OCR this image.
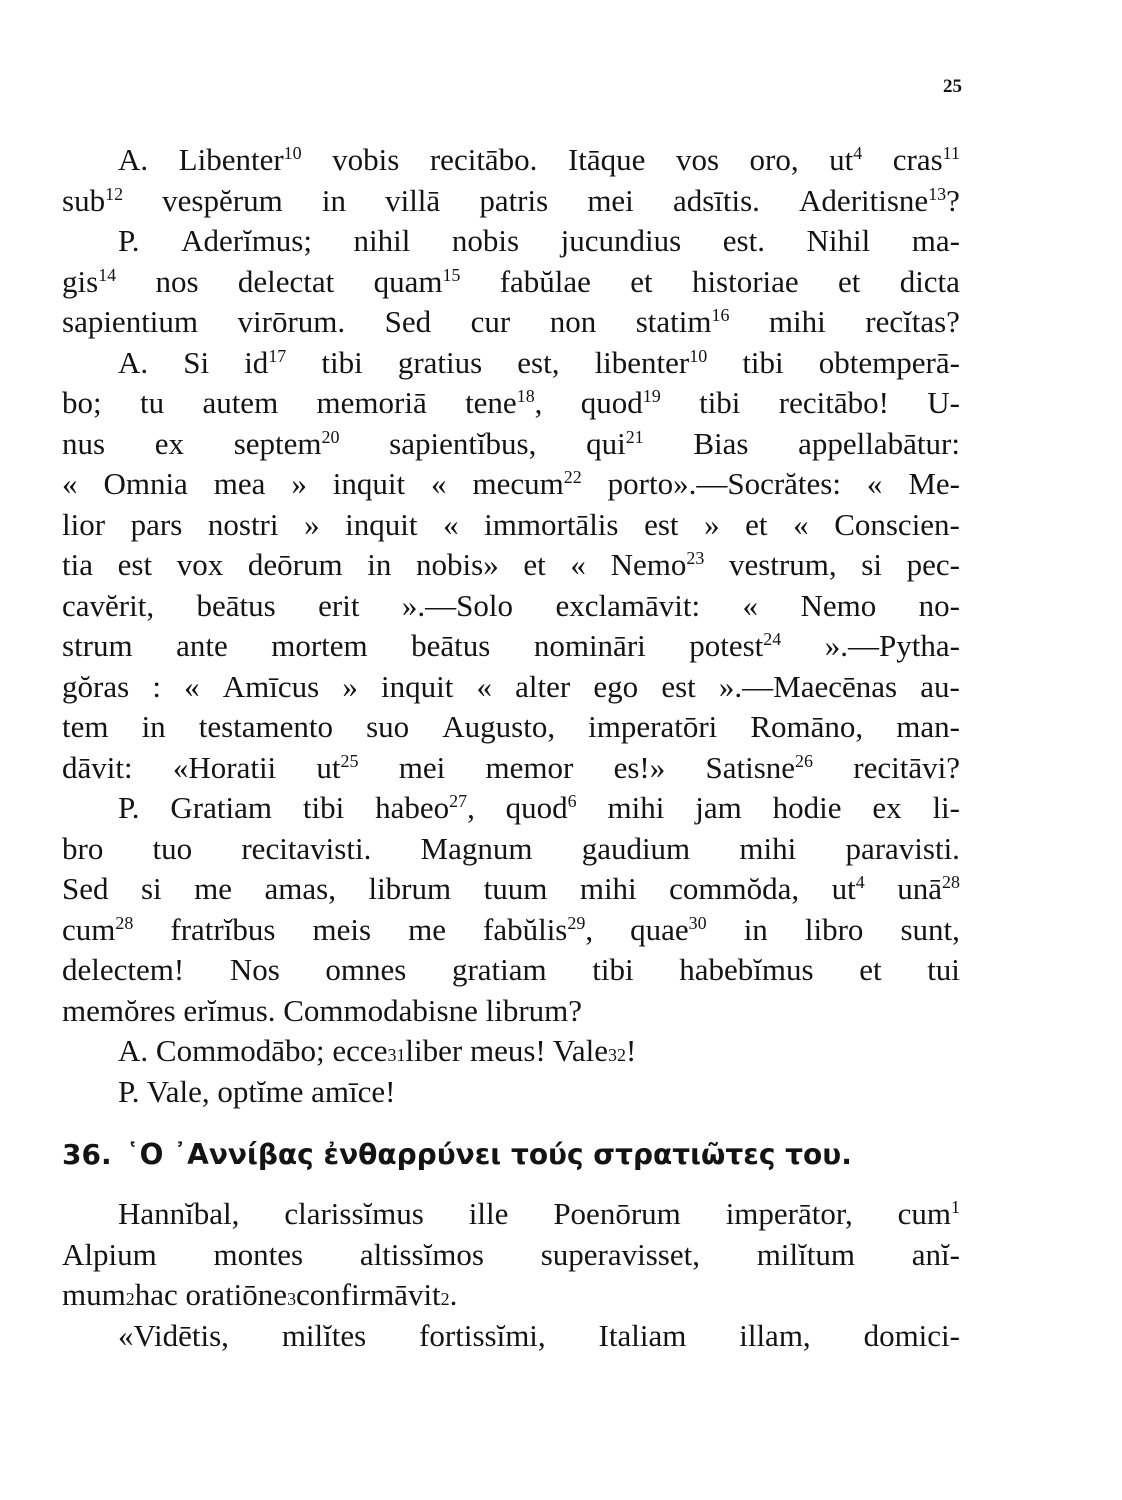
25
A. Libenter$^{10}$ vobis recitābo. Itāque vos oro, $ut^4$ cras$^{11}$
sub$^{12}$ vespĕrum in villā patris mei adsītis. Aderitisne$^{13}$?
P. Aderĭmus; nihil nobis jucundius est. Nihil ma-
gis$^{14}$ nos delectat quam$^{15}$ fabŭlae et historiae et dicta
sapientium virōrum. Sed cur non statim$^{16}$ mihi recĭtas?
A. Si $id^{17}$ tibi gratius est, libenter$^{10}$ tibi obtemperā-
bo; tu autem memoriā tene$^{18}$, quod$^{19}$ tibi recitābo! U-
nus ex septem$^{20}$ sapientĭbus, qui$^{21}$ Bias appellabātur:
« Omnia mea » inquit « mecum$^{22}$ porto».—Socrătes: « Me-
lior pars nostri » inquit « immortālis est » et « Conscien-
tia est vox deōrum in nobis» et « Nemo$^{23}$ vestrum, si pec-
cavĕrit, beātus erit ».—Solo exclamāvit: « Nemo no-
strum ante mortem beātus nomināri potest$^{24}$ ».—Pytha-
gŏras : « Amīcus » inquit « alter ego est ».—Maecēnas au-
tem in testamento suo Augusto, imperatōri Romāno, man-
dāvit: «Horatii $ut^{25}$ mei memor es!» Satisne$^{26}$ recitāvi?
P. Gratiam tibi habeo$^{27}$, quod$^6$ mihi jam hodie ex li-
bro tuo recitavisti. Magnum gaudium mihi paravisti.
Sed si me amas, librum tuum mihi commŏda, $ut^4$ unā$^{28}$
cum$^{28}$ fratrĭbus meis me fabŭlis$^{29}$, quae$^{30}$ in libro sunt,
delectem! Nos omnes gratiam tibi habebĭmus et tui
memŏres erĭmus. Commodabisne librum?
A. Commodābo; ecce 31 liber meus! Vale 32 !
P. Vale, optĭme amīce!
36. ῾Ο ᾿Αννίβας ἐνθαρρύνει τούς στρατιῶτες του.
Hannĭbal, clarissĭmus ille Poenōrum imperātor, cum$^1$
Alpium montes altissĭmos superavisset, milĭtum anĭ-
mum 2 hac oratiōne 3 confirmāvit 2 .
«Vidētis, milĭtes fortissĭmi, Italiam illam, domici-
